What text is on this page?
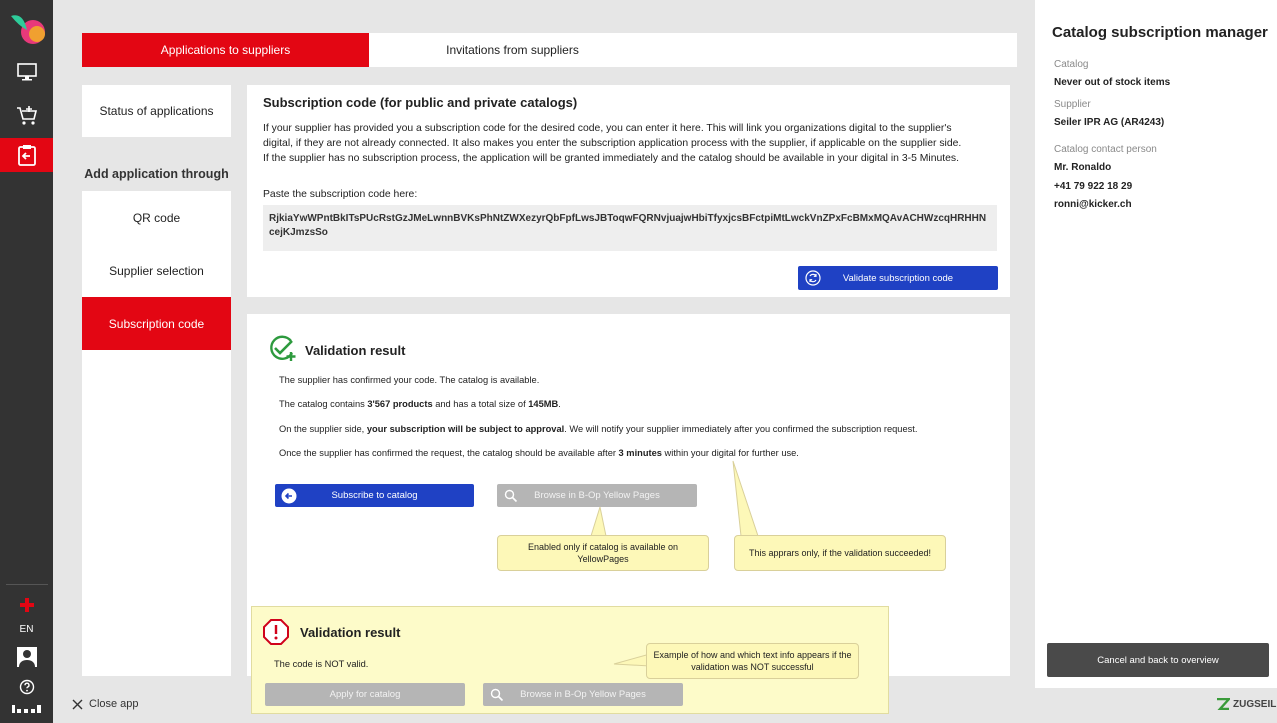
EN
Applications to suppliers	Invitations from suppliers
Status of applications
Add application through
QR code
Supplier selection
Subscription code
Subscription code (for public and private catalogs)
If your supplier has provided you a subscription code for the desired code, you can enter it here. This will link you organizations digital to the supplier's
digital, if they are not already connected. It also makes you enter the subscription application process with the supplier, if applicable on the supplier side.
If the supplier has no subscription process, the application will be granted immediately and the catalog should be available in your digital in 3-5 Minutes.
Paste the subscription code here:
RjkiaYwWPntBkITsPUcRstGzJMeLwnnBVKsPhNtZWXezyrQbFpfLwsJBToqwFQRNvjuajwHbiTfyxjcsBFctpiMtLwckVnZPxFcBMxMQAvACHWzcqHRHHNcejKJmzsSo
Validate subscription code
Validation result
The supplier has confirmed your code. The catalog is available.
The catalog contains 3'567 products and has a total size of 145MB.
On the supplier side, your subscription will be subject to approval. We will notify your supplier immediately after you confirmed the subscription request.
Once the supplier has confirmed the request, the catalog should be available after 3 minutes within your digital for further use.
Subscribe to catalog	Browse in B-Op Yellow Pages
Enabled only if catalog is available on YellowPages
This apprars only, if the validation succeeded!
Validation result
The code is NOT valid.
Example of how and which text info appears if the validation was NOT successful
Apply for catalog	Browse in B-Op Yellow Pages
Close app
Catalog subscription manager
Catalog
Never out of stock items
Supplier
Seiler IPR AG (AR4243)
Catalog contact person
Mr. Ronaldo
+41 79 922 18 29
ronni@kicker.ch
Cancel and back to overview
ZUGSEIL
